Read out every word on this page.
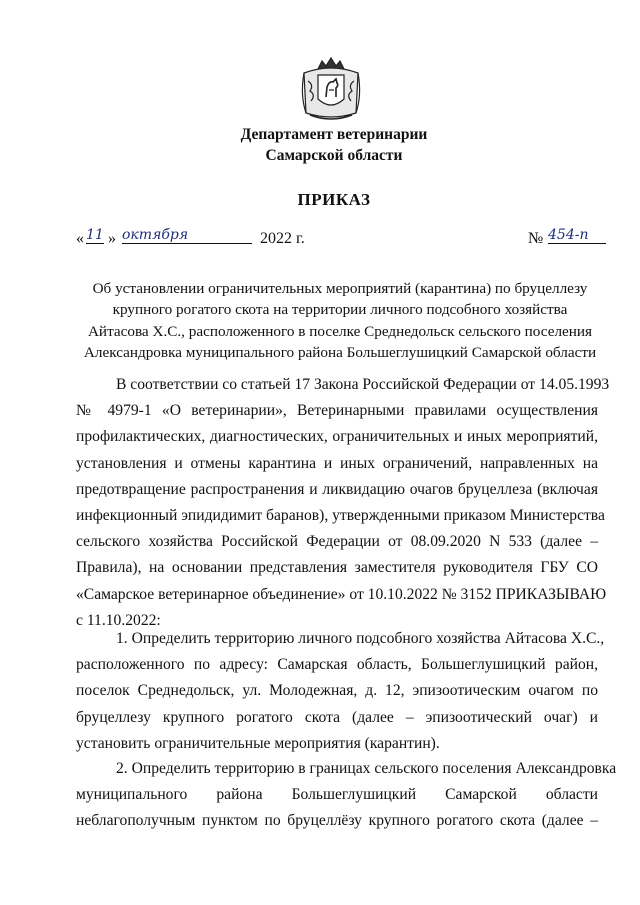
Департамент ветеринарии
Самарской области
ПРИКАЗ
« 11 » октября	2022 г.	№ 454-п
Об установлении ограничительных мероприятий (карантина) по бруцеллезу
крупного рогатого скота на территории личного подсобного хозяйства
Айтасова Х.С., расположенного в поселке Среднедольск сельского поселения
Александровка муниципального района Большеглушицкий Самарской области
В соответствии со статьей 17 Закона Российской Федерации от 14.05.1993
№ 4979-1 «О ветеринарии», Ветеринарными правилами осуществления
профилактических, диагностических, ограничительных и иных мероприятий,
установления и отмены карантина и иных ограничений, направленных на
предотвращение распространения и ликвидацию очагов бруцеллеза (включая
инфекционный эпидидимит баранов), утвержденными приказом Министерства
сельского хозяйства Российской Федерации от 08.09.2020 N 533 (далее –
Правила), на основании представления заместителя руководителя ГБУ СО
«Самарское ветеринарное объединение» от 10.10.2022 № 3152 ПРИКАЗЫВАЮ
с 11.10.2022:
1. Определить территорию личного подсобного хозяйства Айтасова Х.С.,
расположенного по адресу: Самарская область, Большеглушицкий район,
поселок Среднедольск, ул. Молодежная, д. 12, эпизоотическим очагом по
бруцеллезу крупного рогатого скота (далее – эпизоотический очаг) и
установить ограничительные мероприятия (карантин).
2. Определить территорию в границах сельского поселения Александровка
муниципального района Большеглушицкий Самарской области
неблагополучным пунктом по бруцеллёзу крупного рогатого скота (далее –
